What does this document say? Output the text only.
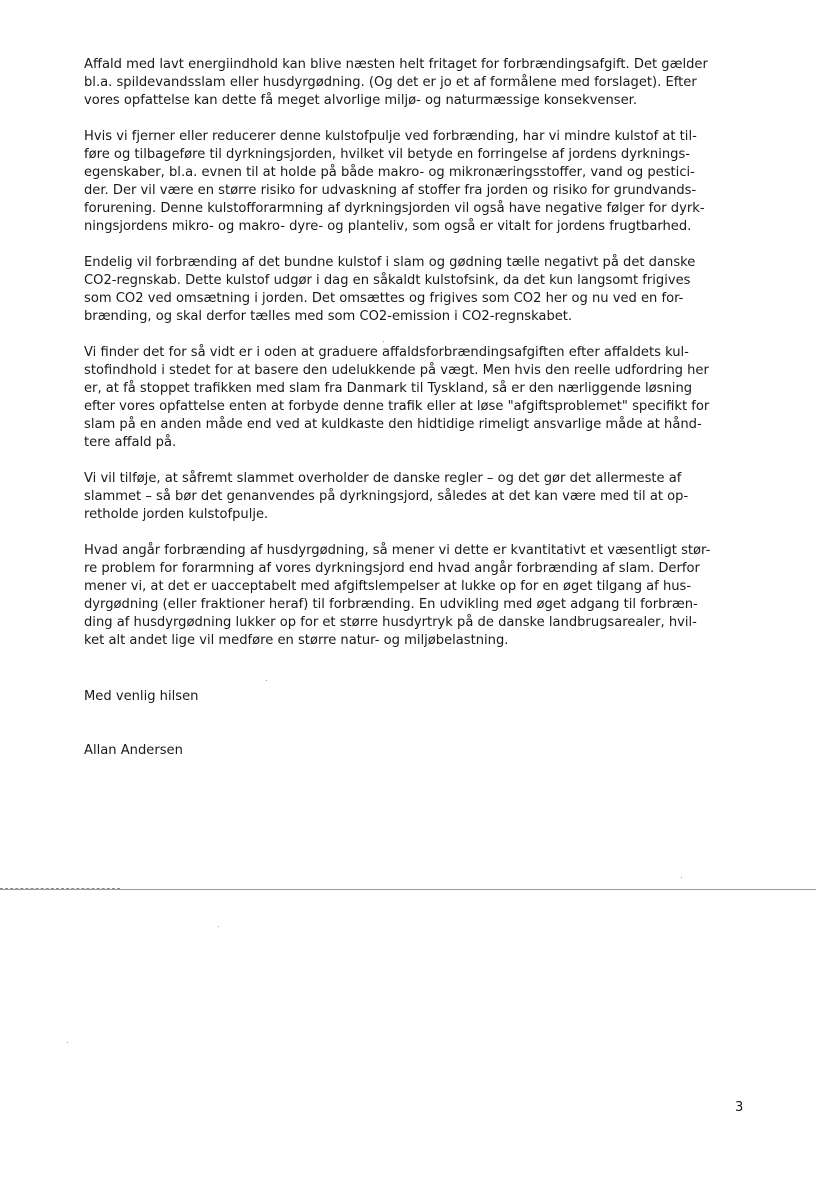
Affald med lavt energiindhold kan blive næsten helt fritaget for forbrændingsafgift. Det gælder
bl.a. spildevandsslam eller husdyrgødning. (Og det er jo et af formålene med forslaget). Efter
vores opfattelse kan dette få meget alvorlige miljø- og naturmæssige konsekvenser.

Hvis vi fjerner eller reducerer denne kulstofpulje ved forbrænding, har vi mindre kulstof at til-
føre og tilbageføre til dyrkningsjorden, hvilket vil betyde en forringelse af jordens dyrknings-
egenskaber, bl.a. evnen til at holde på både makro- og mikronæringsstoffer, vand og pestici-
der. Der vil være en større risiko for udvaskning af stoffer fra jorden og risiko for grundvands-
forurening. Denne kulstofforarmning af dyrkningsjorden vil også have negative følger for dyrk-
ningsjordens mikro- og makro- dyre- og planteliv, som også er vitalt for jordens frugtbarhed.

Endelig vil forbrænding af det bundne kulstof i slam og gødning tælle negativt på det danske
CO2-regnskab. Dette kulstof udgør i dag en såkaldt kulstofsink, da det kun langsomt frigives
som CO2 ved omsætning i jorden. Det omsættes og frigives som CO2 her og nu ved en for-
brænding, og skal derfor tælles med som CO2-emission i CO2-regnskabet.

Vi finder det for så vidt er i oden at graduere affaldsforbrændingsafgiften efter affaldets kul-
stofindhold i stedet for at basere den udelukkende på vægt. Men hvis den reelle udfordring her
er, at få stoppet trafikken med slam fra Danmark til Tyskland, så er den nærliggende løsning
efter vores opfattelse enten at forbyde denne trafik eller at løse "afgiftsproblemet" specifikt for
slam på en anden måde end ved at kuldkaste den hidtidige rimeligt ansvarlige måde at hånd-
tere affald på.

Vi vil tilføje, at såfremt slammet overholder de danske regler – og det gør det allermeste af
slammet – så bør det genanvendes på dyrkningsjord, således at det kan være med til at op-
retholde jorden kulstofpulje.

Hvad angår forbrænding af husdyrgødning, så mener vi dette er kvantitativt et væsentligt stør-
re problem for forarmning af vores dyrkningsjord end hvad angår forbrænding af slam. Derfor
mener vi, at det er uacceptabelt med afgiftslempelser at lukke op for en øget tilgang af hus-
dyrgødning (eller fraktioner heraf) til forbrænding. En udvikling med øget adgang til forbræn-
ding af husdyrgødning lukker op for et større husdyrtryk på de danske landbrugsarealer, hvil-
ket alt andet lige vil medføre en større natur- og miljøbelastning.

Med venlig hilsen
Allan Andersen
3
